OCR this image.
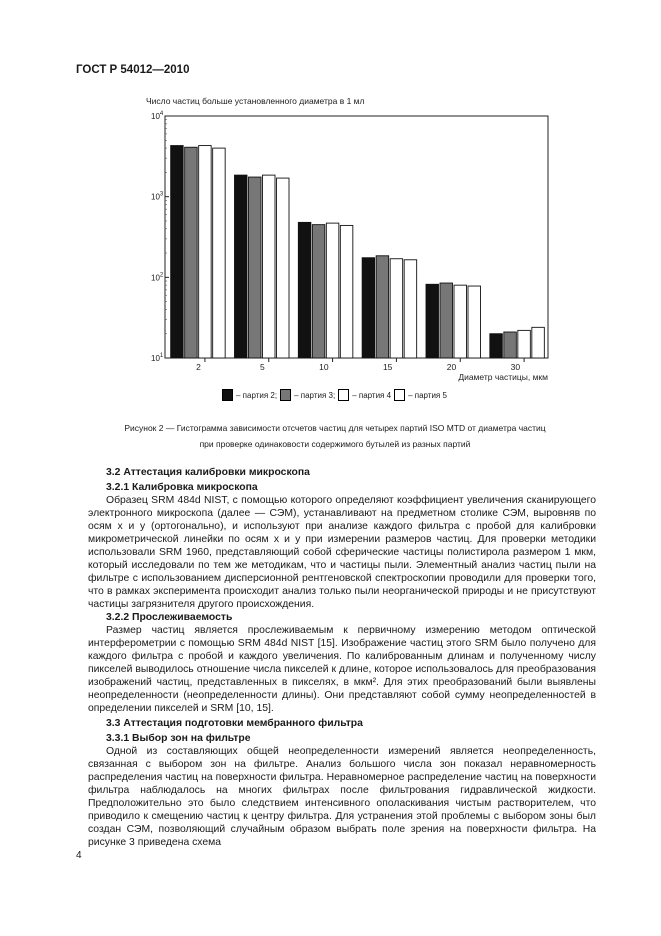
ГОСТ Р 54012—2010
Число частиц больше установленного диаметра в 1 мл
$10^4$
$10^3$
$10^2$
$10^1$
2	5	10	15	20	30
Диаметр частицы, мкм
– партия 2; – партия 3; – партия 4 – партия 5
Рисунок 2 — Гистограмма зависимости отсчетов частиц для четырех партий ISO MTD от диаметра частиц
при проверке одинаковости содержимого бутылей из разных партий

3.2 Аттестация калибровки микроскопа

3.2.1 Калибровка микроскопа

Образец SRM 484d NIST, с помощью которого определяют коэффициент увеличения сканирующего электронного микроскопа (далее — СЭМ), устанавливают на предметном столике СЭМ, выровняв по осям x и y (ортогонально), и используют при анализе каждого фильтра с пробой для калибровки микрометрической линейки по осям x и y при измерении размеров частиц. Для проверки методики использовали SRM 1960, представляющий собой сферические частицы полистирола размером 1 мкм, который исследовали по тем же методикам, что и частицы пыли. Элементный анализ частиц пыли на фильтре с использованием дисперсионной рентгеновской спектроскопии проводили для проверки того, что в рамках эксперимента происходит анализ только пыли неорганической природы и не присутствуют частицы загрязнителя другого происхождения.

3.2.2 Прослеживаемость

Размер частиц является прослеживаемым к первичному измерению методом оптической интерферометрии с помощью SRM 484d NIST [15]. Изображение частиц этого SRM было получено для каждого фильтра с пробой и каждого увеличения. По калиброванным длинам и полученному числу пикселей выводилось отношение числа пикселей к длине, которое использовалось для преобразования изображений частиц, представленных в пикселях, в мкм². Для этих преобразований были выявлены неопределенности (неопределенности длины). Они представляют собой сумму неопределенностей в определении пикселей и SRM [10, 15].

3.3 Аттестация подготовки мембранного фильтра

3.3.1 Выбор зон на фильтре

Одной из составляющих общей неопределенности измерений является неопределенность, связанная с выбором зон на фильтре. Анализ большого числа зон показал неравномерность распределения частиц на поверхности фильтра. Неравномерное распределение частиц на поверхности фильтра наблюдалось на многих фильтрах после фильтрования гидравлической жидкости. Предположительно это было следствием интенсивного ополаскивания чистым растворителем, что приводило к смещению частиц к центру фильтра. Для устранения этой проблемы с выбором зоны был создан СЭМ, позволяющий случайным образом выбрать поле зрения на поверхности фильтра. На рисунке 3 приведена схема

4
